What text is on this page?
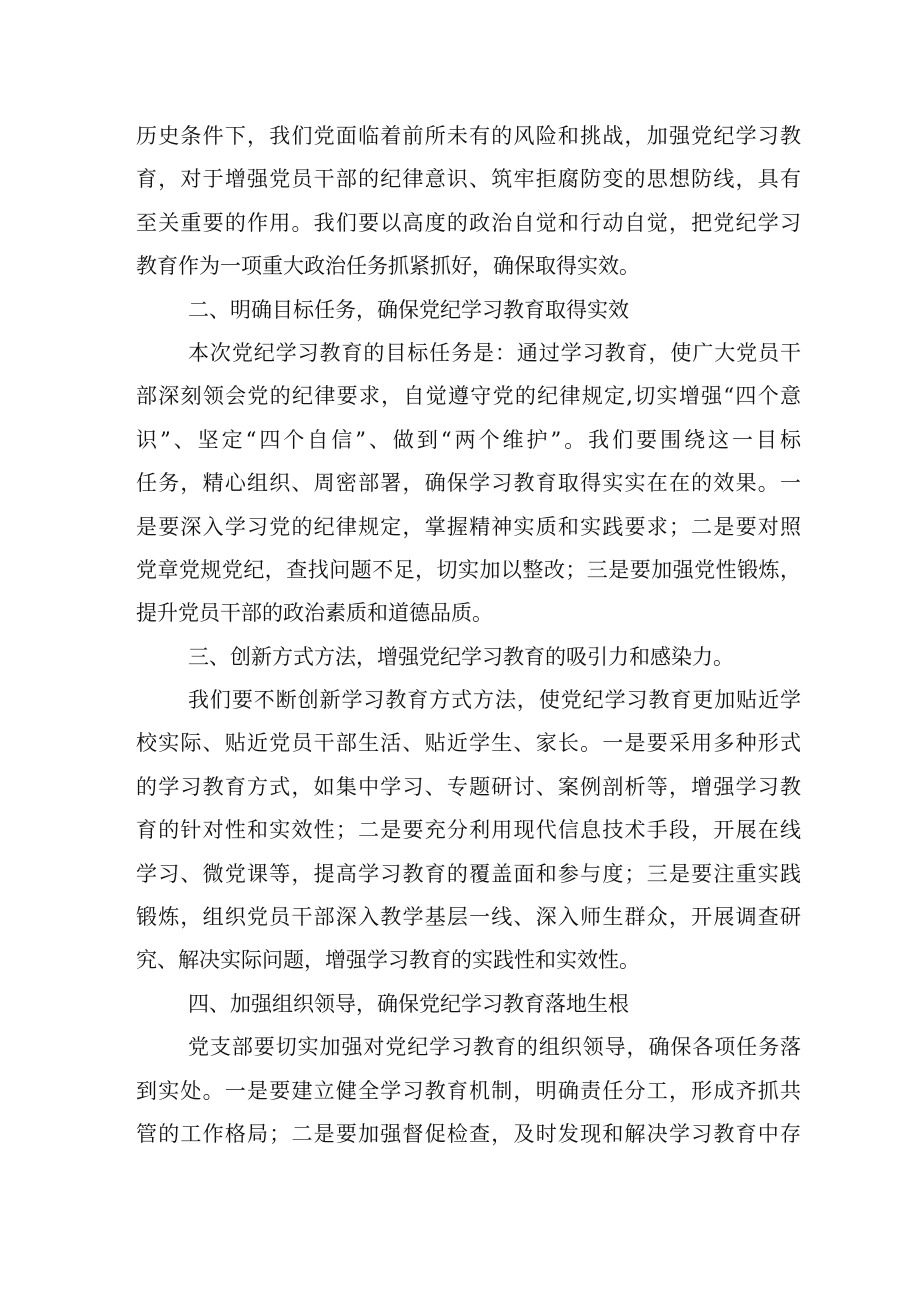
历史条件下，我们党面临着前所未有的风险和挑战，加强党纪学习教
育，对于增强党员干部的纪律意识、筑牢拒腐防变的思想防线，具有
至关重要的作用。我们要以高度的政治自觉和行动自觉，把党纪学习
教育作为一项重大政治任务抓紧抓好，确保取得实效。
二、明确目标任务，确保党纪学习教育取得实效
本次党纪学习教育的目标任务是：通过学习教育，使广大党员干
部深刻领会党的纪律要求，自觉遵守党的纪律规定,切实增强“四个意
识”、坚定“四个自信”、做到“两个维护”。我们要围绕这一目标
任务，精心组织、周密部署，确保学习教育取得实实在在的效果。一
是要深入学习党的纪律规定，掌握精神实质和实践要求；二是要对照
党章党规党纪，查找问题不足，切实加以整改；三是要加强党性锻炼，
提升党员干部的政治素质和道德品质。
三、创新方式方法，增强党纪学习教育的吸引力和感染力。
我们要不断创新学习教育方式方法，使党纪学习教育更加贴近学
校实际、贴近党员干部生活、贴近学生、家长。一是要采用多种形式
的学习教育方式，如集中学习、专题研讨、案例剖析等，增强学习教
育的针对性和实效性；二是要充分利用现代信息技术手段，开展在线
学习、微党课等，提高学习教育的覆盖面和参与度；三是要注重实践
锻炼，组织党员干部深入教学基层一线、深入师生群众，开展调查研
究、解决实际问题，增强学习教育的实践性和实效性。
四、加强组织领导，确保党纪学习教育落地生根
党支部要切实加强对党纪学习教育的组织领导，确保各项任务落
到实处。一是要建立健全学习教育机制，明确责任分工，形成齐抓共
管的工作格局；二是要加强督促检查，及时发现和解决学习教育中存
